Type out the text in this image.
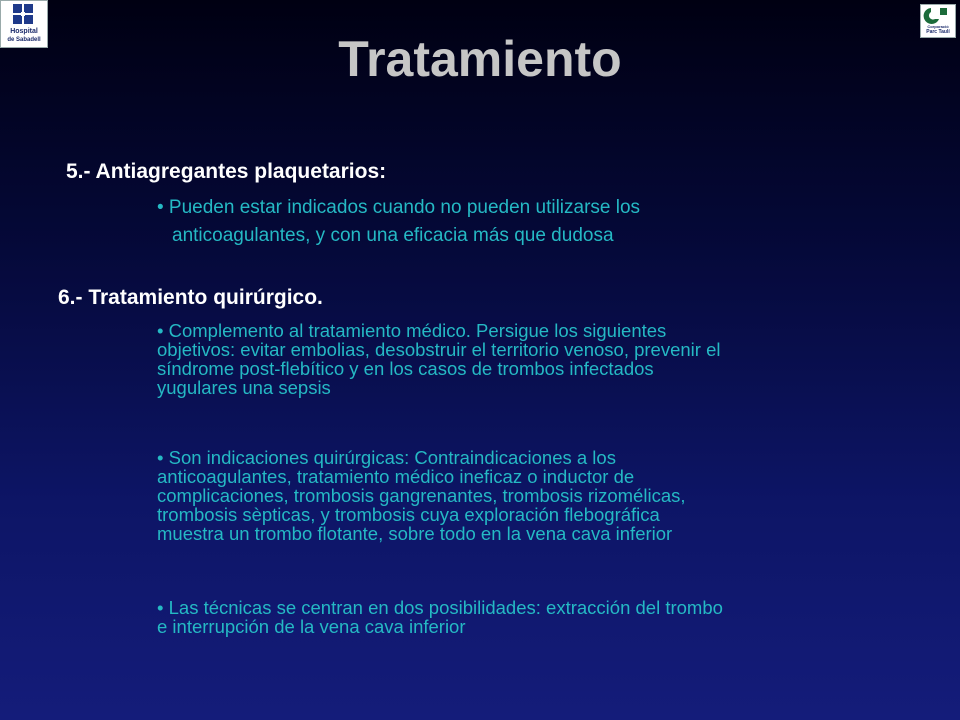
Hospital
de Sabadell
Corporació
Parc Taulí
Tratamiento
5.- Antiagregantes plaquetarios:

• Pueden estar indicados cuando no pueden utilizarse los

anticoagulantes, y con una eficacia más que dudosa

6.- Tratamiento quirúrgico.

• Complemento al tratamiento médico. Persigue los siguientes

objetivos: evitar embolias, desobstruir el territorio venoso, prevenir el

síndrome post-flebítico y en los casos de trombos infectados

yugulares una sepsis

• Son indicaciones quirúrgicas: Contraindicaciones a los

anticoagulantes, tratamiento médico ineficaz o inductor de

complicaciones, trombosis gangrenantes, trombosis rizomélicas,

trombosis sèpticas, y trombosis cuya exploración flebográfica

muestra un trombo flotante, sobre todo en la vena cava inferior

• Las técnicas se centran en dos posibilidades: extracción del trombo

e interrupción de la vena cava inferior
